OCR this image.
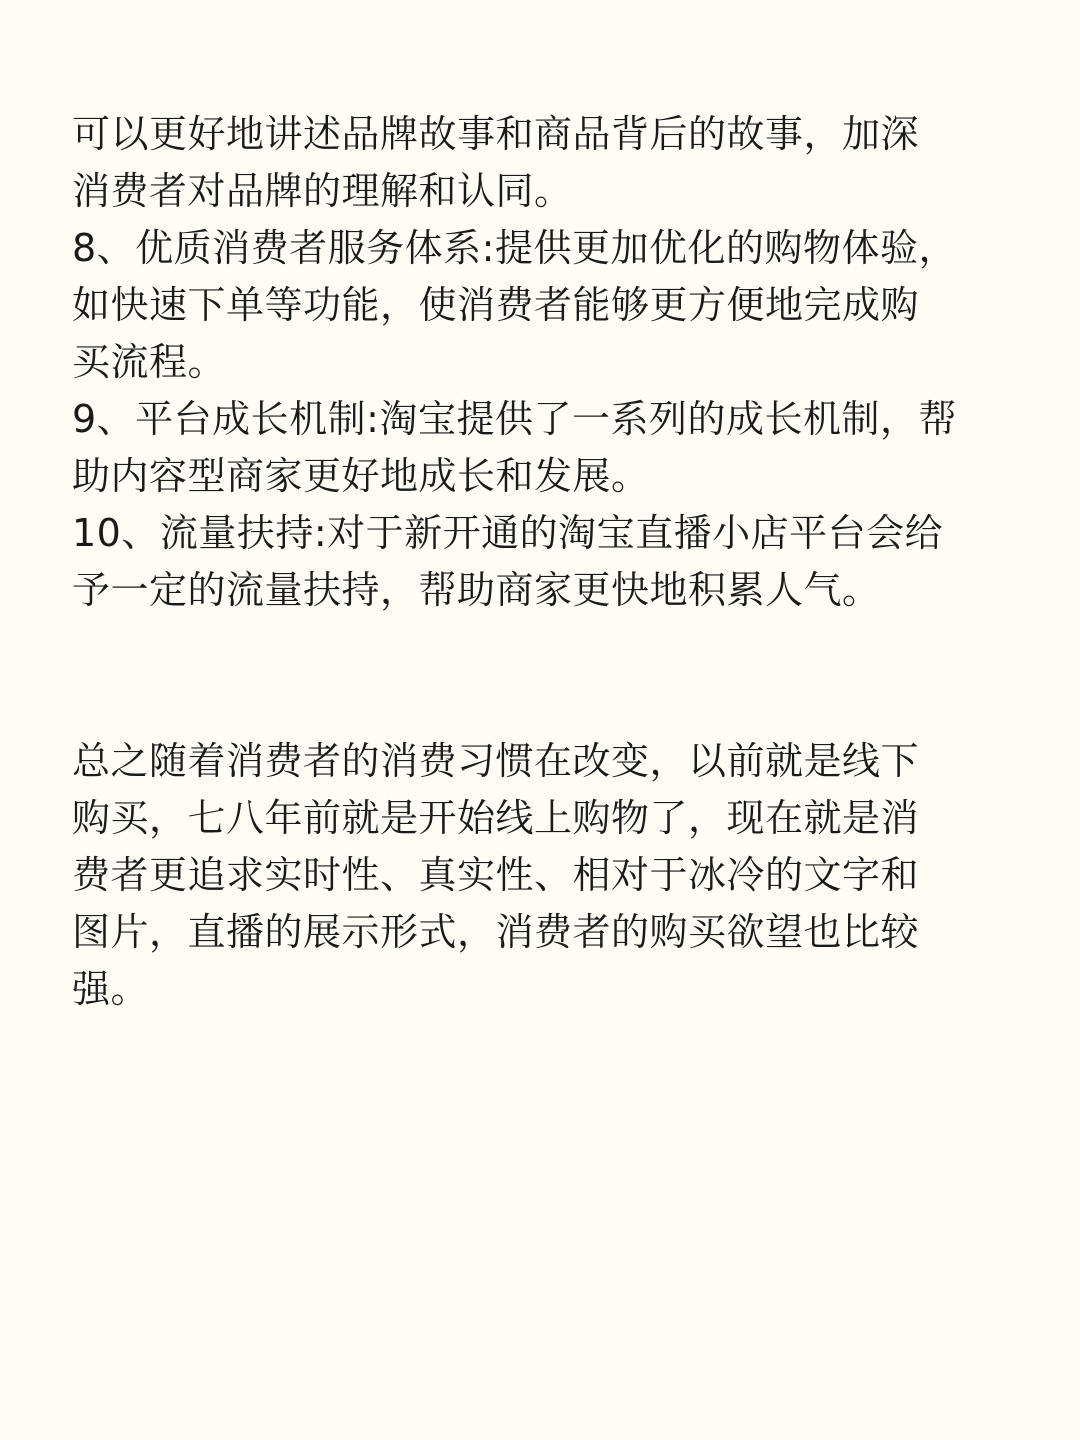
可以更好地讲述品牌故事和商品背后的故事，加深
消费者对品牌的理解和认同。
8、优质消费者服务体系:提供更加优化的购物体验，
如快速下单等功能，使消费者能够更方便地完成购
买流程。
9、平台成长机制:淘宝提供了一系列的成长机制，帮
助内容型商家更好地成长和发展。
10、流量扶持:对于新开通的淘宝直播小店平台会给
予一定的流量扶持，帮助商家更快地积累人气。
总之随着消费者的消费习惯在改变，以前就是线下
购买，七八年前就是开始线上购物了，现在就是消
费者更追求实时性、真实性、相对于冰冷的文字和
图片，直播的展示形式，消费者的购买欲望也比较
强。
